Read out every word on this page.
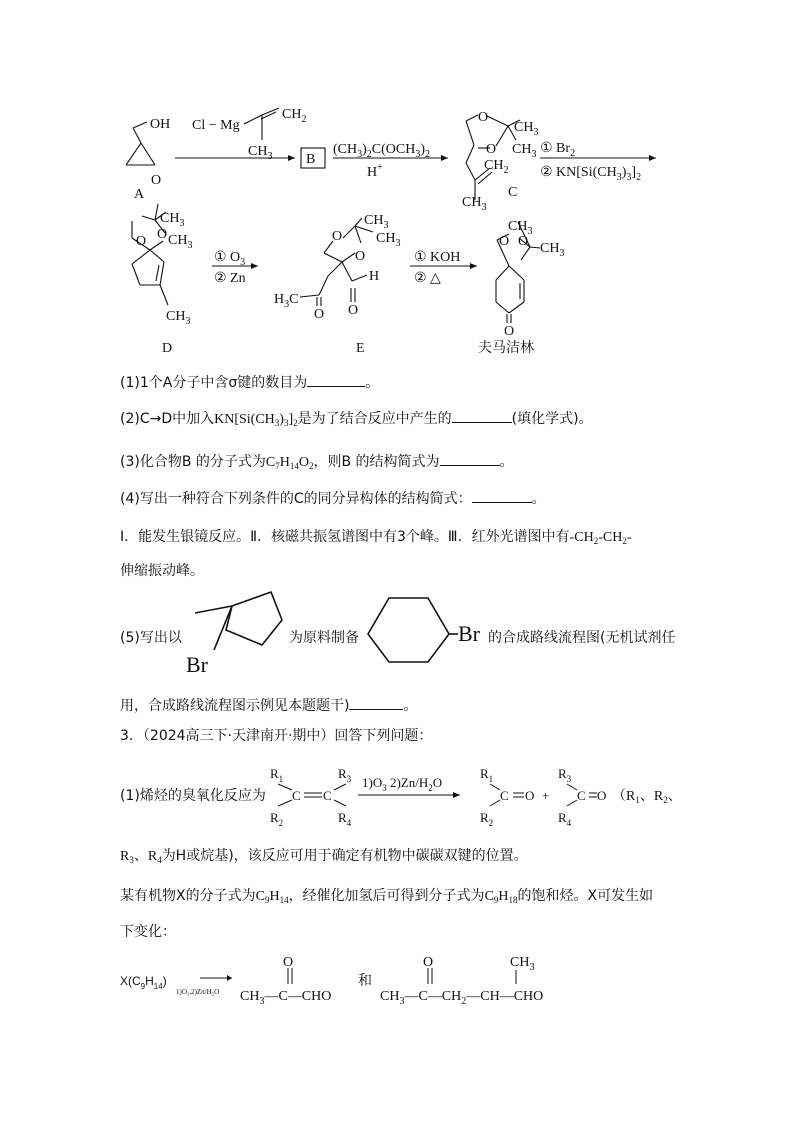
OH
O
A
Cl − Mg
$CH_2$
$CH_3$ B
$(CH_3)_2C(OCH_3)_2$
H+
O
O
$CH_3$
$CH_3$
$CH_2$
$CH_3$
C
① $Br_2$
② $KN[Si(CH_3)_3]_2$
O O
$CH_3$
$CH_3$
$CH_3$
D
① $O_3$
② Zn
O
O
$CH_3$
$CH_3$
H
O
$H_3C$
O
E
① KOH
② △
O O
$CH_3$
$CH_3$
O
夫马洁林
(1)1个A分子中含σ键的数目为	。
(2)C→D中加入$KN[Si(CH_3)_3]_2$是为了结合反应中产生的	(填化学式)。
(3)化合物B 的分子式为$C_7H_{14}O_2$，则B 的结构简式为	。
(4)写出一种符合下列条件的C的同分异构体的结构简式：	。
Ⅰ．能发生银镜反应。Ⅱ．核磁共振氢谱图中有3个峰。Ⅲ．红外光谱图中有$-CH_2-CH_2-$
伸缩振动峰。
(5)写出以
Br
Br
为原料制备	的合成路线流程图(无机试剂任
用，合成路线流程图示例见本题题干)	。
3．（2024高三下·天津南开·期中）回答下列问题：
(1)烯烃的臭氧化反应为
$R_1$
$R_2$
C C
$R_3$
$R_4$
$1)O_3$ $2)Zn/H_2O$
$R_1$
$R_2$
C O +
$R_3$
$R_4$
C O （$R_1$、$R_2$、
$R_3$、$R_4$为H或烷基)，该反应可用于确定有机物中碳碳双键的位置。
某有机物X的分子式为$C_9H_{14}$，经催化加氢后可得到分子式为$C_9H_{18}$的饱和烃。X可发生如
下变化：
$X(C_9H_{14})$
1)O₃,2)Zn/H₂O
O
$CH_3—C—CHO$
和
O	$CH_3$
$CH_3—C—CH_2—CH—CHO$
